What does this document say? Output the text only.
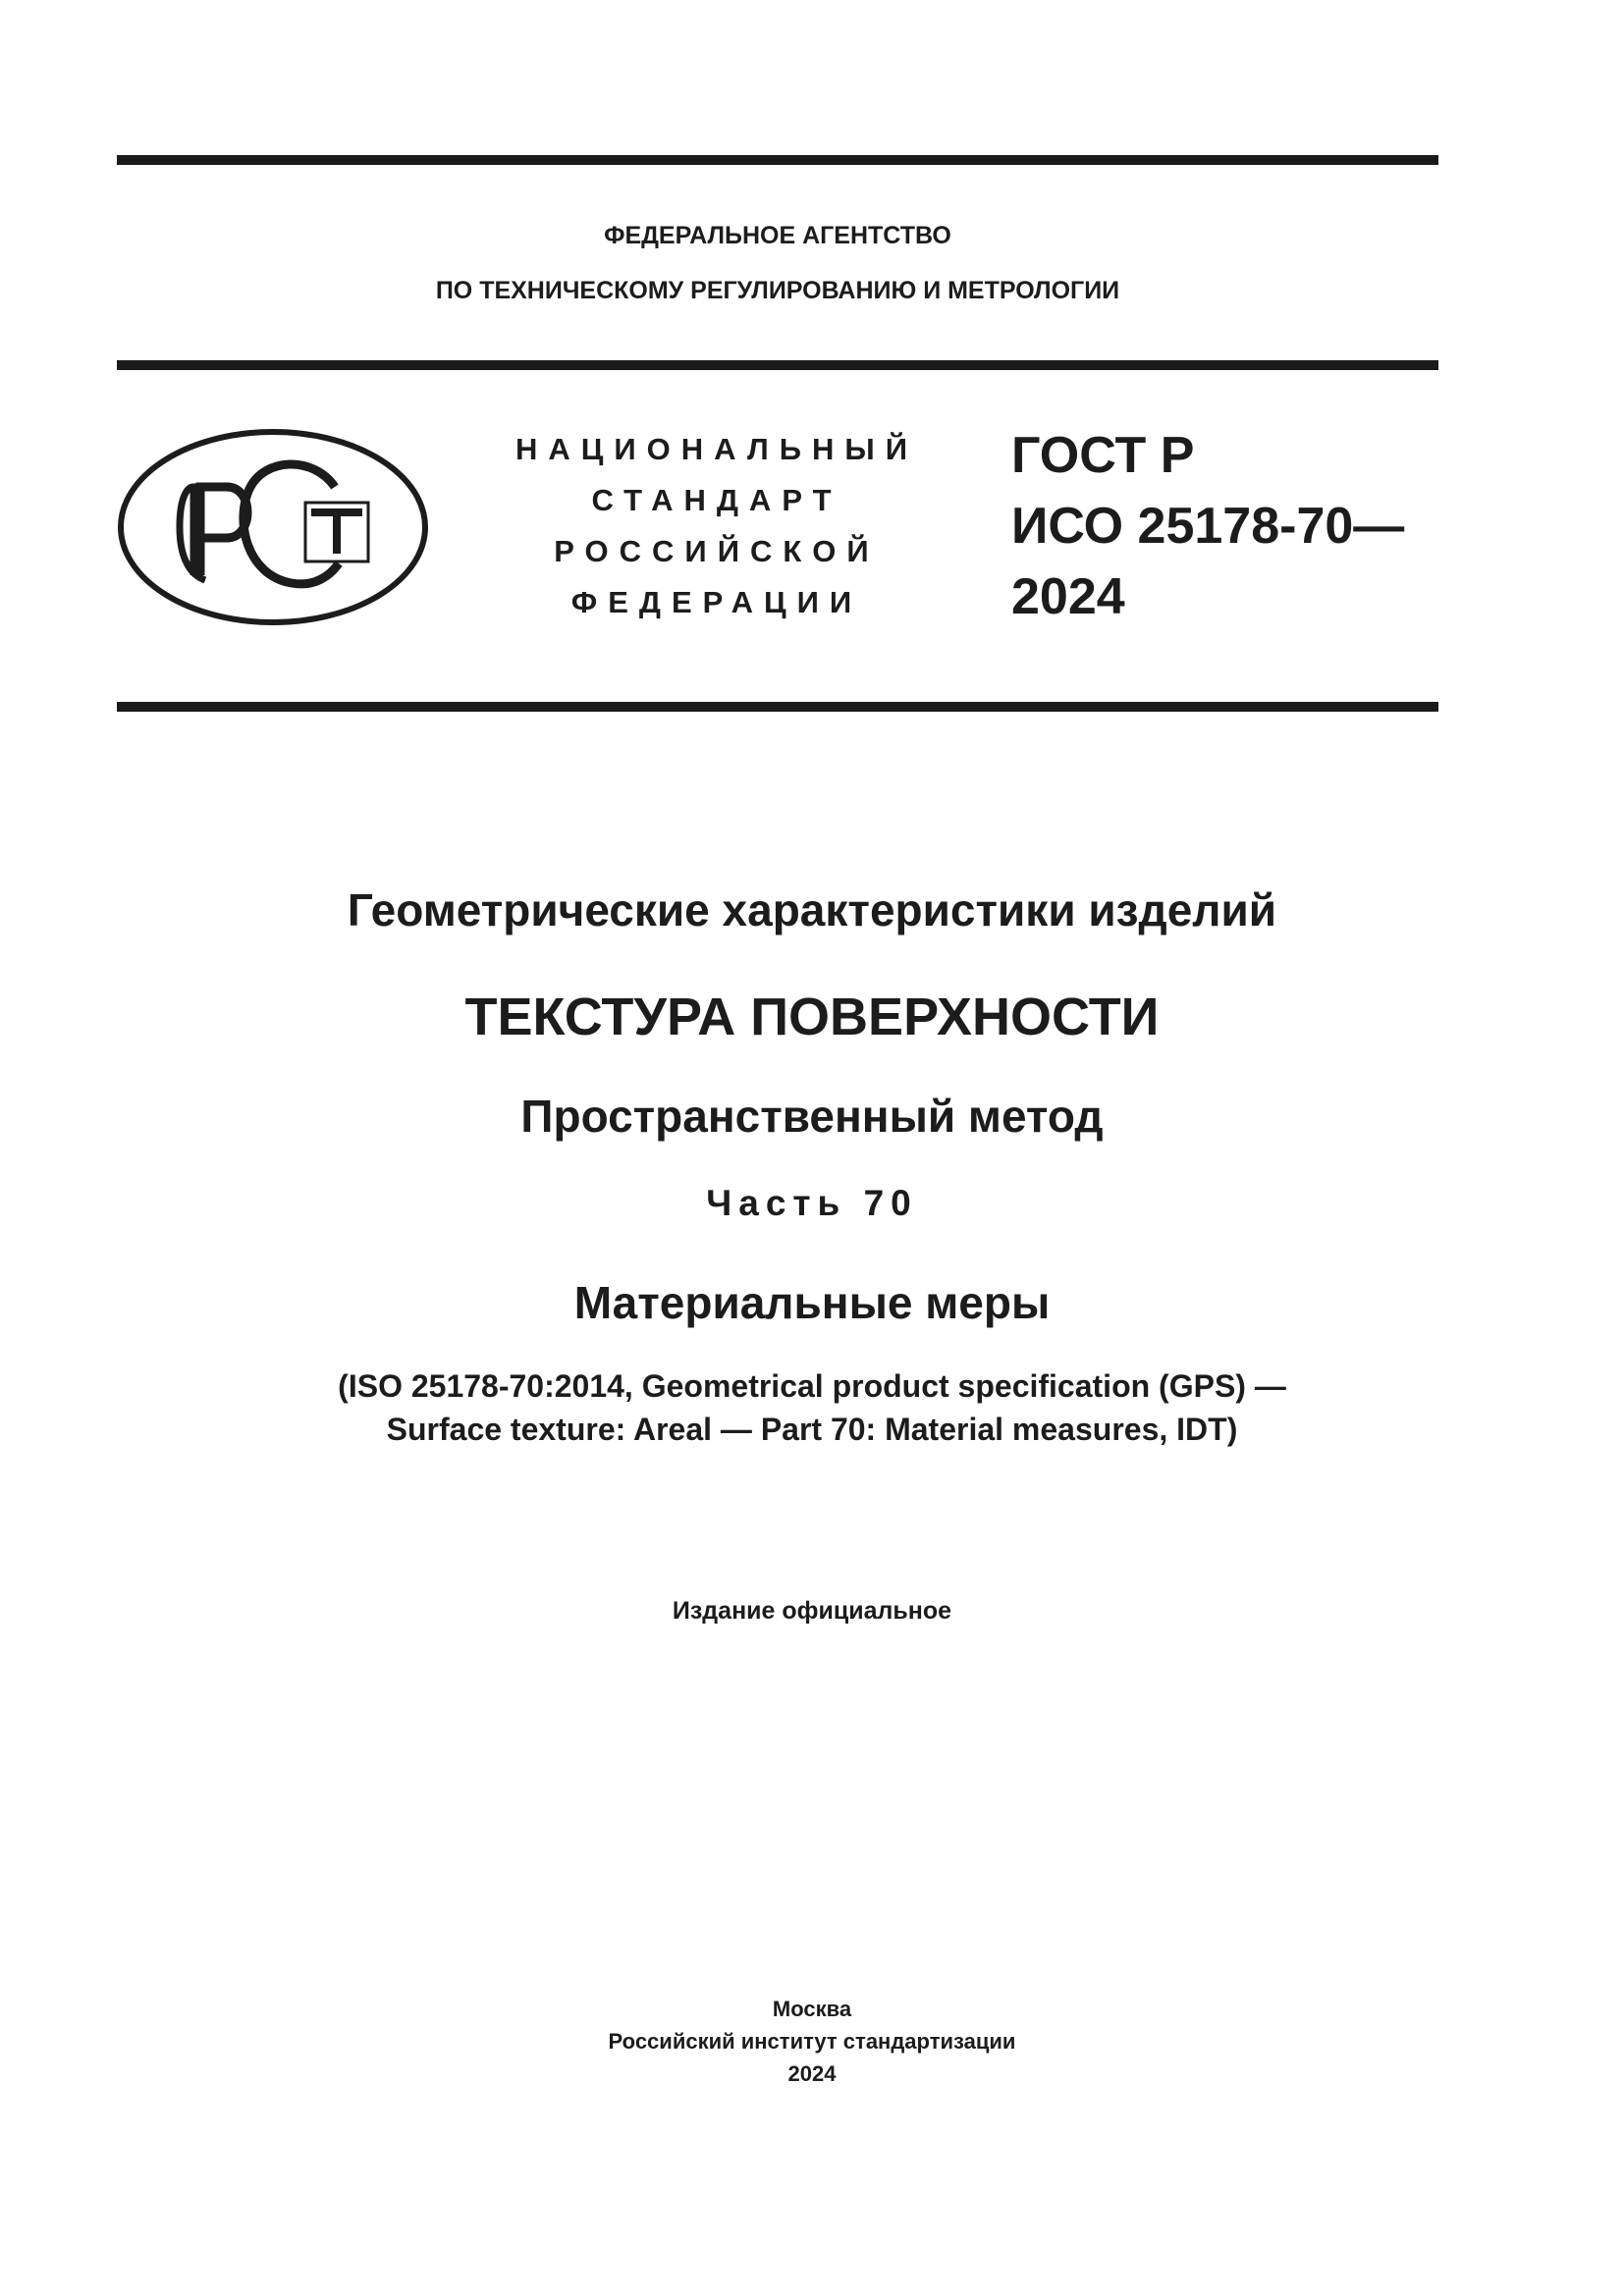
ФЕДЕРАЛЬНОЕ АГЕНТСТВО
ПО ТЕХНИЧЕСКОМУ РЕГУЛИРОВАНИЮ И МЕТРОЛОГИИ
НАЦИОНАЛЬНЫЙ
СТАНДАРТ
РОССИЙСКОЙ
ФЕДЕРАЦИИ
ГОСТ Р
ИСО 25178-70—
2024
Геометрические характеристики изделий
ТЕКСТУРА ПОВЕРХНОСТИ
Пространственный метод
Часть 70
Материальные меры
(ISO 25178-70:2014, Geometrical product specification (GPS) —
Surface texture: Areal — Part 70: Material measures, IDT)
Издание официальное
Москва
Российский институт стандартизации
2024
